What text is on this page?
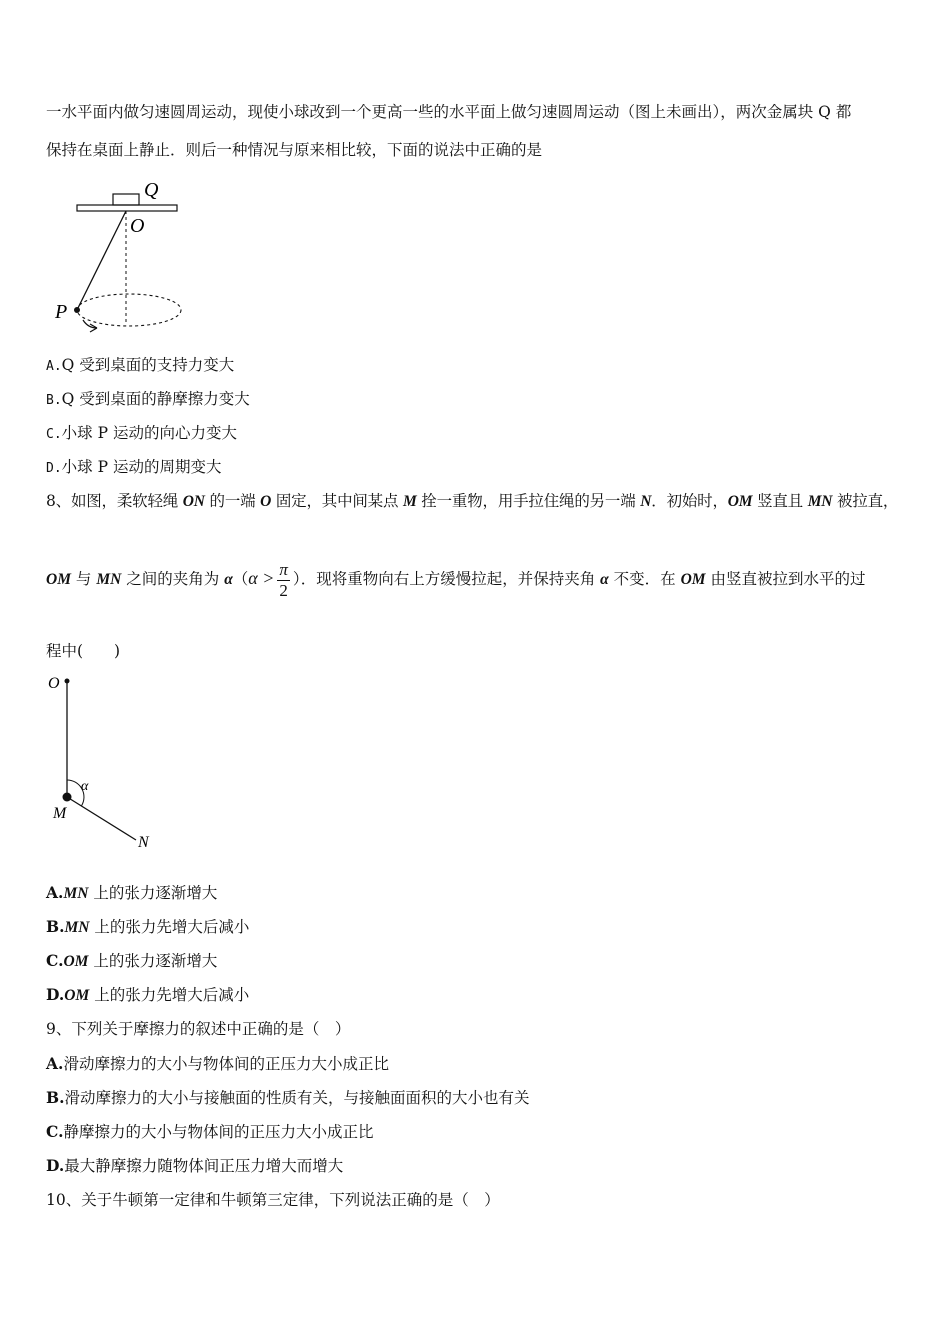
一水平面内做匀速圆周运动，现使小球改到一个更高一些的水平面上做匀速圆周运动（图上未画出），两次金属块 Q 都
保持在桌面上静止．则后一种情况与原来相比较，下面的说法中正确的是
Q
O
P
A.Q 受到桌面的支持力变大
B.Q 受到桌面的静摩擦力变大
C.小球 P 运动的向心力变大
D.小球 P 运动的周期变大
8、如图，柔软轻绳 ON 的一端 O 固定，其中间某点 M 拴一重物，用手拉住绳的另一端 N．初始时，OM 竖直且 MN 被拉直，
OM 与 MN 之间的夹角为 $\alpha(\alpha > \frac{\pi}{2}$ ）．现将重物向右上方缓慢拉起，并保持夹角 α 不变．在 OM 由竖直被拉到水平的过
程中(　　)
O
α
M
N
A.MN 上的张力逐渐增大
B.MN 上的张力先增大后减小
C.OM 上的张力逐渐增大
D.OM 上的张力先增大后减小
9、下列关于摩擦力的叙述中正确的是（　）
A.滑动摩擦力的大小与物体间的正压力大小成正比
B.滑动摩擦力的大小与接触面的性质有关，与接触面面积的大小也有关
C.静摩擦力的大小与物体间的正压力大小成正比
D.最大静摩擦力随物体间正压力增大而增大
10、关于牛顿第一定律和牛顿第三定律，下列说法正确的是（　）
